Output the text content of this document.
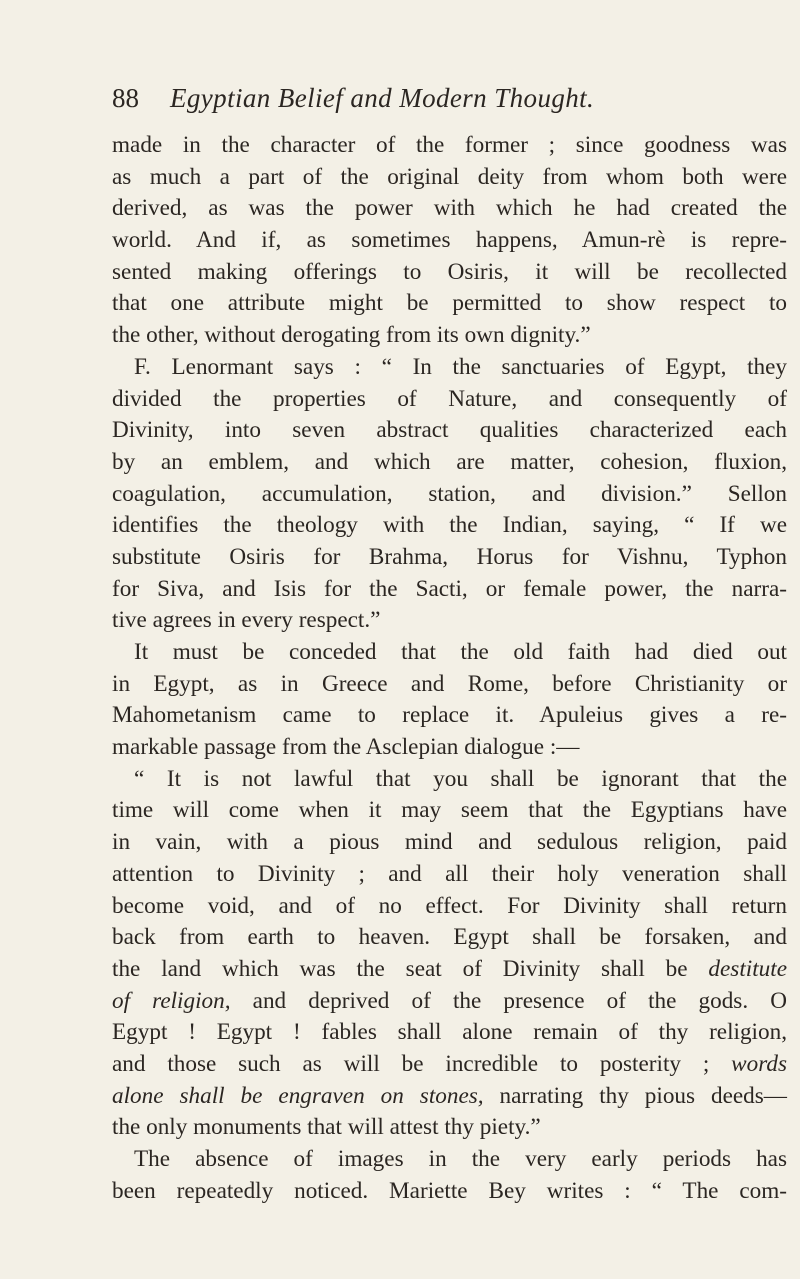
88 Egyptian Belief and Modern Thought.
made in the character of the former ; since goodness was
as much a part of the original deity from whom both were
derived, as was the power with which he had created the
world. And if, as sometimes happens, Amun-rè is repre-
sented making offerings to Osiris, it will be recollected
that one attribute might be permitted to show respect to
the other, without derogating from its own dignity.”
F. Lenormant says : “ In the sanctuaries of Egypt, they
divided the properties of Nature, and consequently of
Divinity, into seven abstract qualities characterized each
by an emblem, and which are matter, cohesion, fluxion,
coagulation, accumulation, station, and division.” Sellon
identifies the theology with the Indian, saying, “ If we
substitute Osiris for Brahma, Horus for Vishnu, Typhon
for Siva, and Isis for the Sacti, or female power, the narra-
tive agrees in every respect.”
It must be conceded that the old faith had died out
in Egypt, as in Greece and Rome, before Christianity or
Mahometanism came to replace it. Apuleius gives a re-
markable passage from the Asclepian dialogue :—
“ It is not lawful that you shall be ignorant that the
time will come when it may seem that the Egyptians have
in vain, with a pious mind and sedulous religion, paid
attention to Divinity ; and all their holy veneration shall
become void, and of no effect. For Divinity shall return
back from earth to heaven. Egypt shall be forsaken, and
the land which was the seat of Divinity shall be destitute
of religion, and deprived of the presence of the gods. O
Egypt ! Egypt ! fables shall alone remain of thy religion,
and those such as will be incredible to posterity ; words
alone shall be engraven on stones, narrating thy pious deeds—
the only monuments that will attest thy piety.”
The absence of images in the very early periods has
been repeatedly noticed. Mariette Bey writes : “ The com-
